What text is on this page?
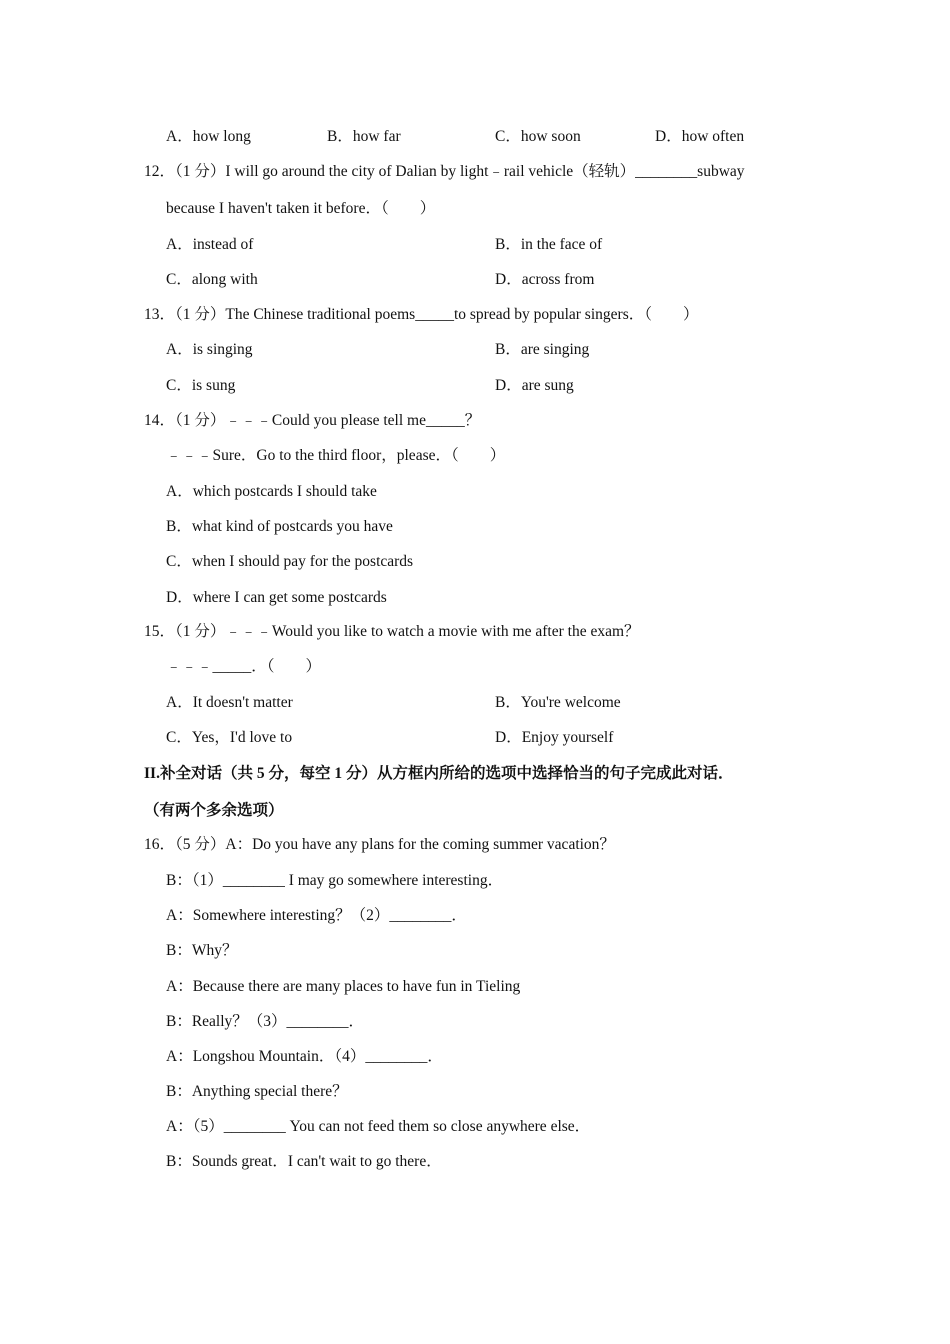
A．how long	B．how far	C．how soon	D．how often
12．（1 分）I will go around the city of Dalian by light﹣rail vehicle（轻轨）________subway
because I haven't taken it before．（　　）
A．instead of	B．in the face of
C．along with	D．across from
13．（1 分）The Chinese traditional poems_____to spread by popular singers．（　　）
A．is singing	B．are singing
C．is sung	D．are sung
14．（1 分）﹣﹣﹣Could you please tell me_____？
﹣﹣﹣Sure．Go to the third floor，please．（　　）
A．which postcards I should take
B．what kind of postcards you have
C．when I should pay for the postcards
D．where I can get some postcards
15．（1 分）﹣﹣﹣Would you like to watch a movie with me after the exam？
﹣﹣﹣_____．（　　）
A．It doesn't matter	B．You're welcome
C．Yes，I'd love to	D．Enjoy yourself
II.补全对话（共 5 分，每空 1 分）从方框内所给的选项中选择恰当的句子完成此对话．
（有两个多余选项）
16．（5 分）A：Do you have any plans for the coming summer vacation？
B：（1）________ I may go somewhere interesting．
A：Somewhere interesting？（2）________．
B：Why？
A：Because there are many places to have fun in Tieling
B：Really？（3）________．
A：Longshou Mountain．（4）________．
B：Anything special there？
A：（5）________ You can not feed them so close anywhere else．
B：Sounds great．I can't wait to go there．
